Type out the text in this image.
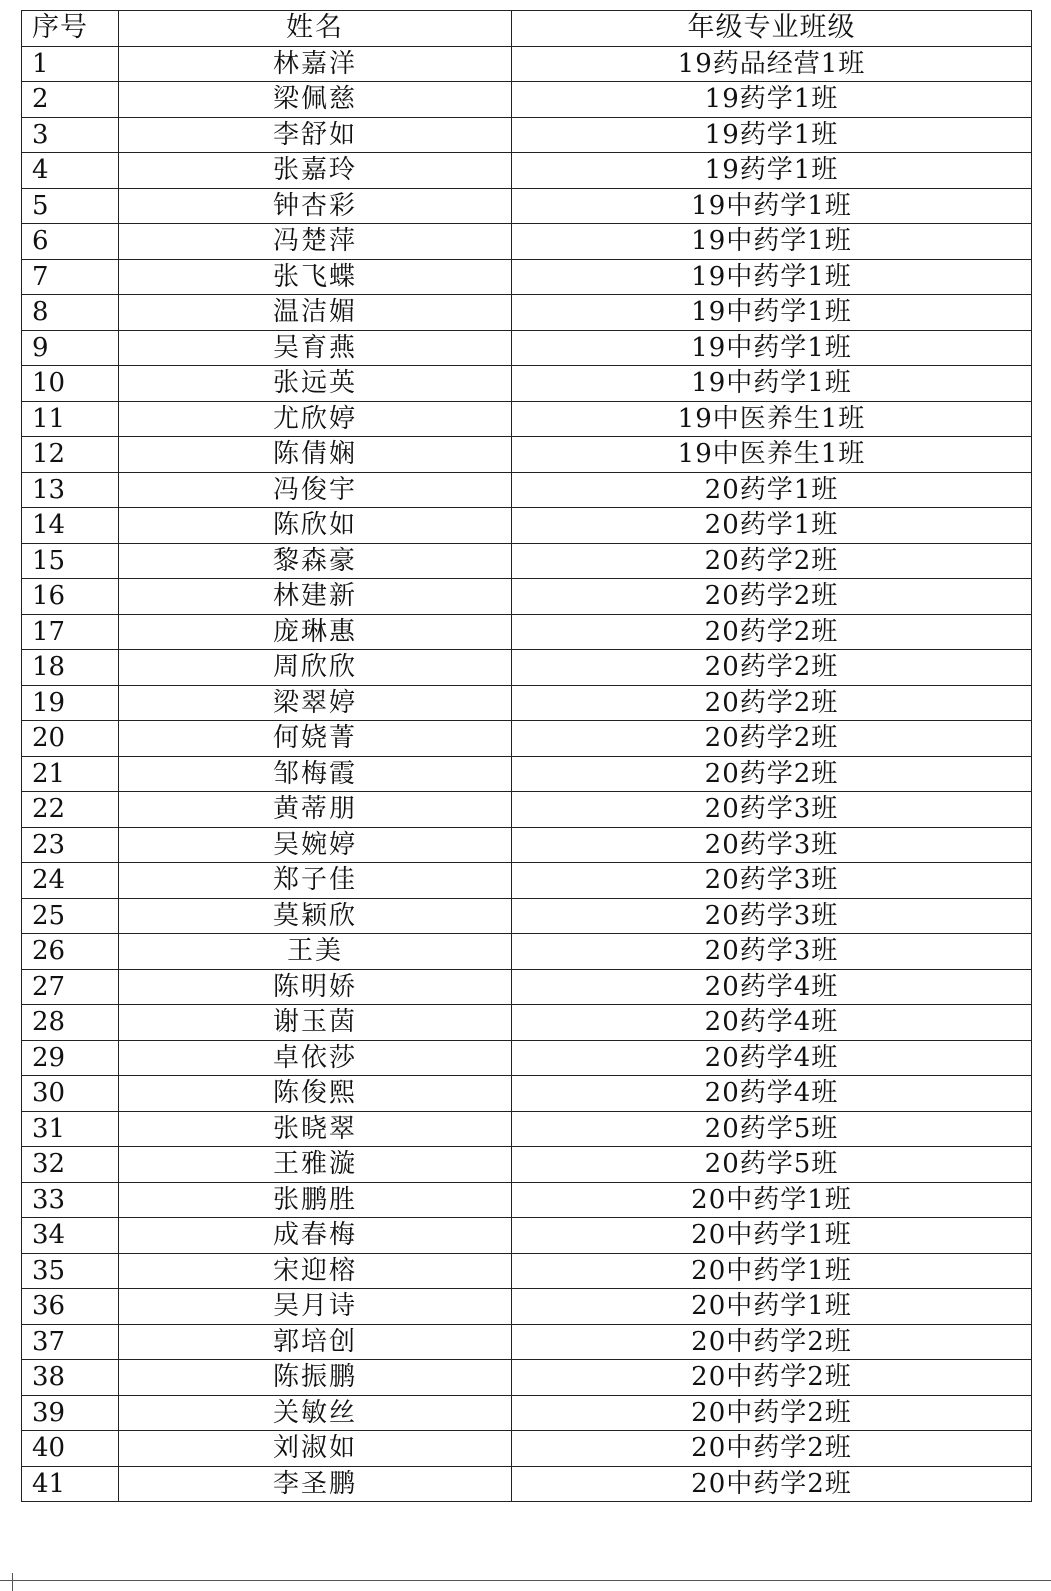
序号	姓名	年级专业班级
1	林嘉洋	19药品经营1班
2	梁佩慈	19药学1班
3	李舒如	19药学1班
4	张嘉玲	19药学1班
5	钟杏彩	19中药学1班
6	冯楚萍	19中药学1班
7	张飞蝶	19中药学1班
8	温洁媚	19中药学1班
9	吴育燕	19中药学1班
10	张远英	19中药学1班
11	尤欣婷	19中医养生1班
12	陈倩娴	19中医养生1班
13	冯俊宇	20药学1班
14	陈欣如	20药学1班
15	黎森豪	20药学2班
16	林建新	20药学2班
17	庞琳惠	20药学2班
18	周欣欣	20药学2班
19	梁翠婷	20药学2班
20	何娆菁	20药学2班
21	邹梅霞	20药学2班
22	黄蒂朋	20药学3班
23	吴婉婷	20药学3班
24	郑子佳	20药学3班
25	莫颖欣	20药学3班
26	王美	20药学3班
27	陈明娇	20药学4班
28	谢玉茵	20药学4班
29	卓依莎	20药学4班
30	陈俊熙	20药学4班
31	张晓翠	20药学5班
32	王雅漩	20药学5班
33	张鹏胜	20中药学1班
34	成春梅	20中药学1班
35	宋迎榕	20中药学1班
36	吴月诗	20中药学1班
37	郭培创	20中药学2班
38	陈振鹏	20中药学2班
39	关敏丝	20中药学2班
40	刘淑如	20中药学2班
41	李圣鹏	20中药学2班
